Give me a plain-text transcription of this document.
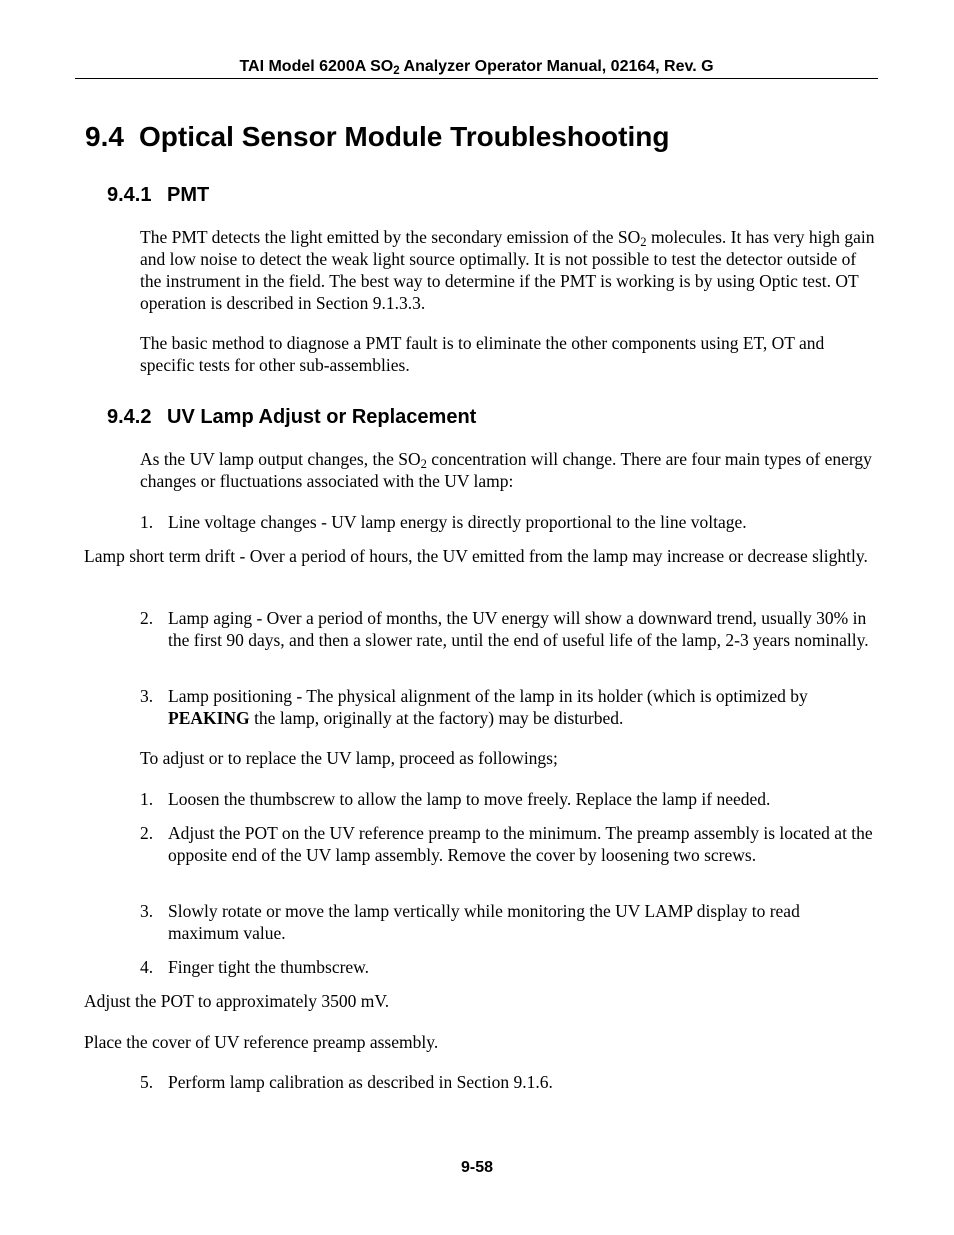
TAI Model 6200A $SO_2$ Analyzer Operator Manual, 02164, Rev. G
9.4 Optical Sensor Module Troubleshooting
9.4.1 PMT
The PMT detects the light emitted by the secondary emission of the $SO_2$ molecules. It has very high gain and low noise to detect the weak light source optimally. It is not possible to test the detector outside of the instrument in the field. The best way to determine if the PMT is working is by using Optic test. OT operation is described in Section 9.1.3.3.
The basic method to diagnose a PMT fault is to eliminate the other components using ET, OT and specific tests for other sub-assemblies.
9.4.2 UV Lamp Adjust or Replacement
As the UV lamp output changes, the $SO_2$ concentration will change. There are four main types of energy changes or fluctuations associated with the UV lamp:
1. Line voltage changes - UV lamp energy is directly proportional to the line voltage.
Lamp short term drift - Over a period of hours, the UV emitted from the lamp may increase or decrease slightly.
2. Lamp aging - Over a period of months, the UV energy will show a downward trend, usually 30% in the first 90 days, and then a slower rate, until the end of useful life of the lamp, 2-3 years nominally.
3. Lamp positioning - The physical alignment of the lamp in its holder (which is optimized by PEAKING the lamp, originally at the factory) may be disturbed.
To adjust or to replace the UV lamp, proceed as followings;
1. Loosen the thumbscrew to allow the lamp to move freely. Replace the lamp if needed.
2. Adjust the POT on the UV reference preamp to the minimum. The preamp assembly is located at the opposite end of the UV lamp assembly. Remove the cover by loosening two screws.
3. Slowly rotate or move the lamp vertically while monitoring the UV LAMP display to read maximum value.
4. Finger tight the thumbscrew.
Adjust the POT to approximately 3500 mV.
Place the cover of UV reference preamp assembly.
5. Perform lamp calibration as described in Section 9.1.6.
9-58
